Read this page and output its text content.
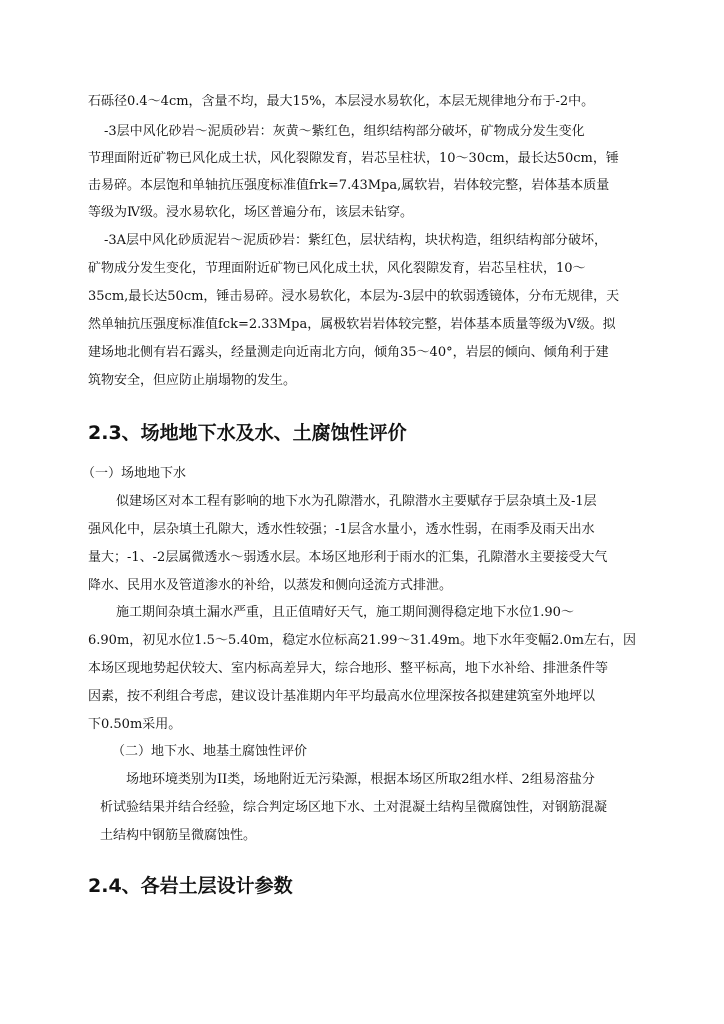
石砾径0.4～4cm，含量不均，最大15%，本层浸水易软化，本层无规律地分布于-2中。
-3层中风化砂岩～泥质砂岩：灰黄～紫红色，组织结构部分破坏，矿物成分发生变化
节理面附近矿物已风化成土状，风化裂隙发育，岩芯呈柱状，10～30cm，最长达50cm，锤
击易碎。本层饱和单轴抗压强度标准值frk=7.43Mpa,属软岩，岩体较完整，岩体基本质量
等级为Ⅳ级。浸水易软化，场区普遍分布，该层未钻穿。
-3A层中风化砂质泥岩～泥质砂岩：紫红色，层状结构，块状构造，组织结构部分破坏，
矿物成分发生变化，节理面附近矿物已风化成土状，风化裂隙发育，岩芯呈柱状，10～
35cm,最长达50cm，锤击易碎。浸水易软化，本层为-3层中的软弱透镜体，分布无规律，天
然单轴抗压强度标准值fck=2.33Mpa，属极软岩岩体较完整，岩体基本质量等级为Ⅴ级。拟
建场地北侧有岩石露头，经量测走向近南北方向，倾角35～40°，岩层的倾向、倾角利于建
筑物安全，但应防止崩塌物的发生。
2.3、场地地下水及水、土腐蚀性评价
（一）场地地下水
似建场区对本工程有影响的地下水为孔隙潜水，孔隙潜水主要赋存于层杂填土及-1层
强风化中，层杂填土孔隙大，透水性较强；-1层含水量小，透水性弱，在雨季及雨天出水
量大；-1、-2层属微透水～弱透水层。本场区地形利于雨水的汇集，孔隙潜水主要接受大气
降水、民用水及管道渗水的补给，以蒸发和侧向迳流方式排泄。
施工期间杂填土漏水严重，且正值晴好天气，施工期间测得稳定地下水位1.90～
6.90m，初见水位1.5～5.40m，稳定水位标高21.99～31.49m。地下水年变幅2.0m左右，因
本场区现地势起伏较大、室内标高差异大，综合地形、整平标高，地下水补给、排泄条件等
因素，按不利组合考虑，建议设计基准期内年平均最高水位埋深按各拟建建筑室外地坪以
下0.50m采用。
（二）地下水、地基土腐蚀性评价
场地环境类别为II类，场地附近无污染源，根据本场区所取2组水样、2组易溶盐分
析试验结果并结合经验，综合判定场区地下水、土对混凝土结构呈微腐蚀性，对钢筋混凝
土结构中钢筋呈微腐蚀性。
2.4、各岩土层设计参数
